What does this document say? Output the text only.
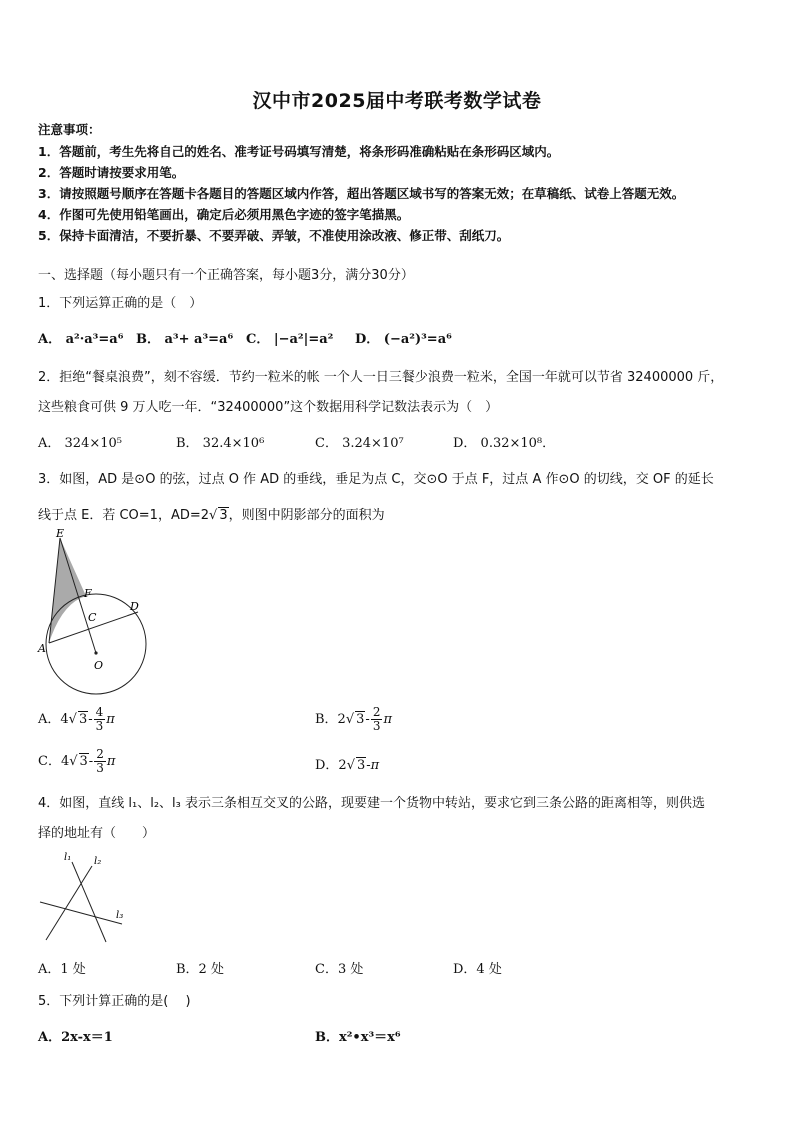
汉中市2025届中考联考数学试卷
注意事项：
1．答题前，考生先将自己的姓名、准考证号码填写清楚，将条形码准确粘贴在条形码区域内。
2．答题时请按要求用笔。
3．请按照题号顺序在答题卡各题目的答题区域内作答，超出答题区域书写的答案无效；在草稿纸、试卷上答题无效。
4．作图可先使用铅笔画出，确定后必须用黑色字迹的签字笔描黑。
5．保持卡面清洁，不要折暴、不要弄破、弄皱，不准使用涂改液、修正带、刮纸刀。
一、选择题（每小题只有一个正确答案，每小题3分，满分30分）
1．下列运算正确的是（　）
A． a²·a³=a⁶ B． a³+ a³=a⁶ C． |−a²|=a² D． (−a²)³=a⁶
2．拒绝“餐桌浪费”，刻不容缓．节约一粒米的帐 一个人一日三餐少浪费一粒米，全国一年就可以节省 32400000 斤，
这些粮食可供 9 万人吃一年．“32400000”这个数据用科学记数法表示为（　）
A． 324×10⁵	B． 32.4×10⁶	C． 3.24×10⁷	D． 0.32×10⁸．
3．如图，AD 是⊙O 的弦，过点 O 作 AD 的垂线，垂足为点 C，交⊙O 于点 F，过点 A 作⊙O 的切线，交 OF 的延长
线于点 E．若 CO=1，AD=2√ 3，则图中阴影部分的面积为
E
F
C
D
A
O
A．4√ $3- \frac{4}{3}$ π	B．2√ $3- \frac{2}{3}$ π
C．4√ $3- \frac{2}{3}$ π	D．2√ 3-π
4．如图，直线 l₁、l₂、l₃ 表示三条相互交叉的公路，现要建一个货物中转站，要求它到三条公路的距离相等，则供选
择的地址有（　　）
l₁ l₂
l₃
A．1 处	B．2 处	C．3 处	D．4 处
5．下列计算正确的是(　 )
A．2x-x＝1	B．x²•x³＝x⁶
